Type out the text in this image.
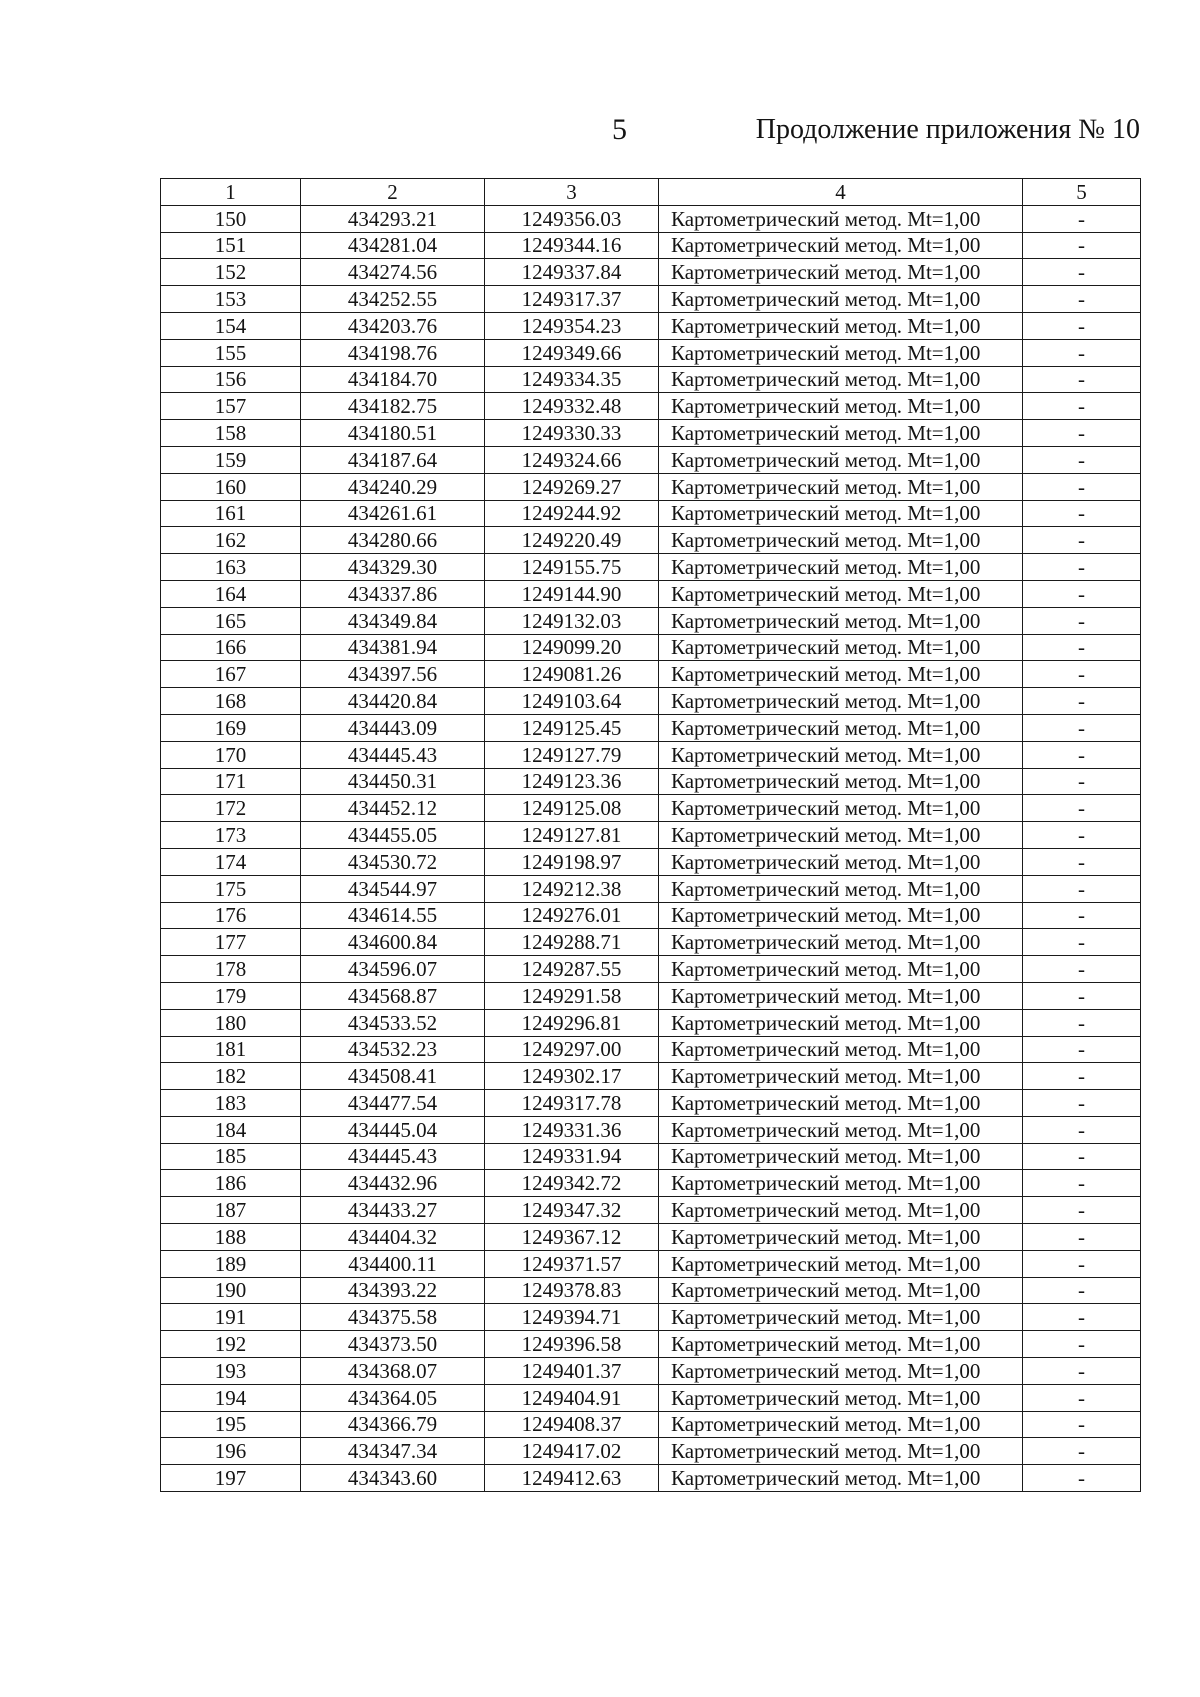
5	Продолжение приложения № 10
1	2	3	4	5
150	434293.21	1249356.03	Картометрический метод. Mt=1,00	-
151	434281.04	1249344.16	Картометрический метод. Mt=1,00	-
152	434274.56	1249337.84	Картометрический метод. Mt=1,00	-
153	434252.55	1249317.37	Картометрический метод. Mt=1,00	-
154	434203.76	1249354.23	Картометрический метод. Mt=1,00	-
155	434198.76	1249349.66	Картометрический метод. Mt=1,00	-
156	434184.70	1249334.35	Картометрический метод. Mt=1,00	-
157	434182.75	1249332.48	Картометрический метод. Mt=1,00	-
158	434180.51	1249330.33	Картометрический метод. Mt=1,00	-
159	434187.64	1249324.66	Картометрический метод. Mt=1,00	-
160	434240.29	1249269.27	Картометрический метод. Mt=1,00	-
161	434261.61	1249244.92	Картометрический метод. Mt=1,00	-
162	434280.66	1249220.49	Картометрический метод. Mt=1,00	-
163	434329.30	1249155.75	Картометрический метод. Mt=1,00	-
164	434337.86	1249144.90	Картометрический метод. Mt=1,00	-
165	434349.84	1249132.03	Картометрический метод. Mt=1,00	-
166	434381.94	1249099.20	Картометрический метод. Mt=1,00	-
167	434397.56	1249081.26	Картометрический метод. Mt=1,00	-
168	434420.84	1249103.64	Картометрический метод. Mt=1,00	-
169	434443.09	1249125.45	Картометрический метод. Mt=1,00	-
170	434445.43	1249127.79	Картометрический метод. Mt=1,00	-
171	434450.31	1249123.36	Картометрический метод. Mt=1,00	-
172	434452.12	1249125.08	Картометрический метод. Mt=1,00	-
173	434455.05	1249127.81	Картометрический метод. Mt=1,00	-
174	434530.72	1249198.97	Картометрический метод. Mt=1,00	-
175	434544.97	1249212.38	Картометрический метод. Mt=1,00	-
176	434614.55	1249276.01	Картометрический метод. Mt=1,00	-
177	434600.84	1249288.71	Картометрический метод. Mt=1,00	-
178	434596.07	1249287.55	Картометрический метод. Mt=1,00	-
179	434568.87	1249291.58	Картометрический метод. Mt=1,00	-
180	434533.52	1249296.81	Картометрический метод. Mt=1,00	-
181	434532.23	1249297.00	Картометрический метод. Mt=1,00	-
182	434508.41	1249302.17	Картометрический метод. Mt=1,00	-
183	434477.54	1249317.78	Картометрический метод. Mt=1,00	-
184	434445.04	1249331.36	Картометрический метод. Mt=1,00	-
185	434445.43	1249331.94	Картометрический метод. Mt=1,00	-
186	434432.96	1249342.72	Картометрический метод. Mt=1,00	-
187	434433.27	1249347.32	Картометрический метод. Mt=1,00	-
188	434404.32	1249367.12	Картометрический метод. Mt=1,00	-
189	434400.11	1249371.57	Картометрический метод. Mt=1,00	-
190	434393.22	1249378.83	Картометрический метод. Mt=1,00	-
191	434375.58	1249394.71	Картометрический метод. Mt=1,00	-
192	434373.50	1249396.58	Картометрический метод. Mt=1,00	-
193	434368.07	1249401.37	Картометрический метод. Mt=1,00	-
194	434364.05	1249404.91	Картометрический метод. Mt=1,00	-
195	434366.79	1249408.37	Картометрический метод. Mt=1,00	-
196	434347.34	1249417.02	Картометрический метод. Mt=1,00	-
197	434343.60	1249412.63	Картометрический метод. Mt=1,00	-
